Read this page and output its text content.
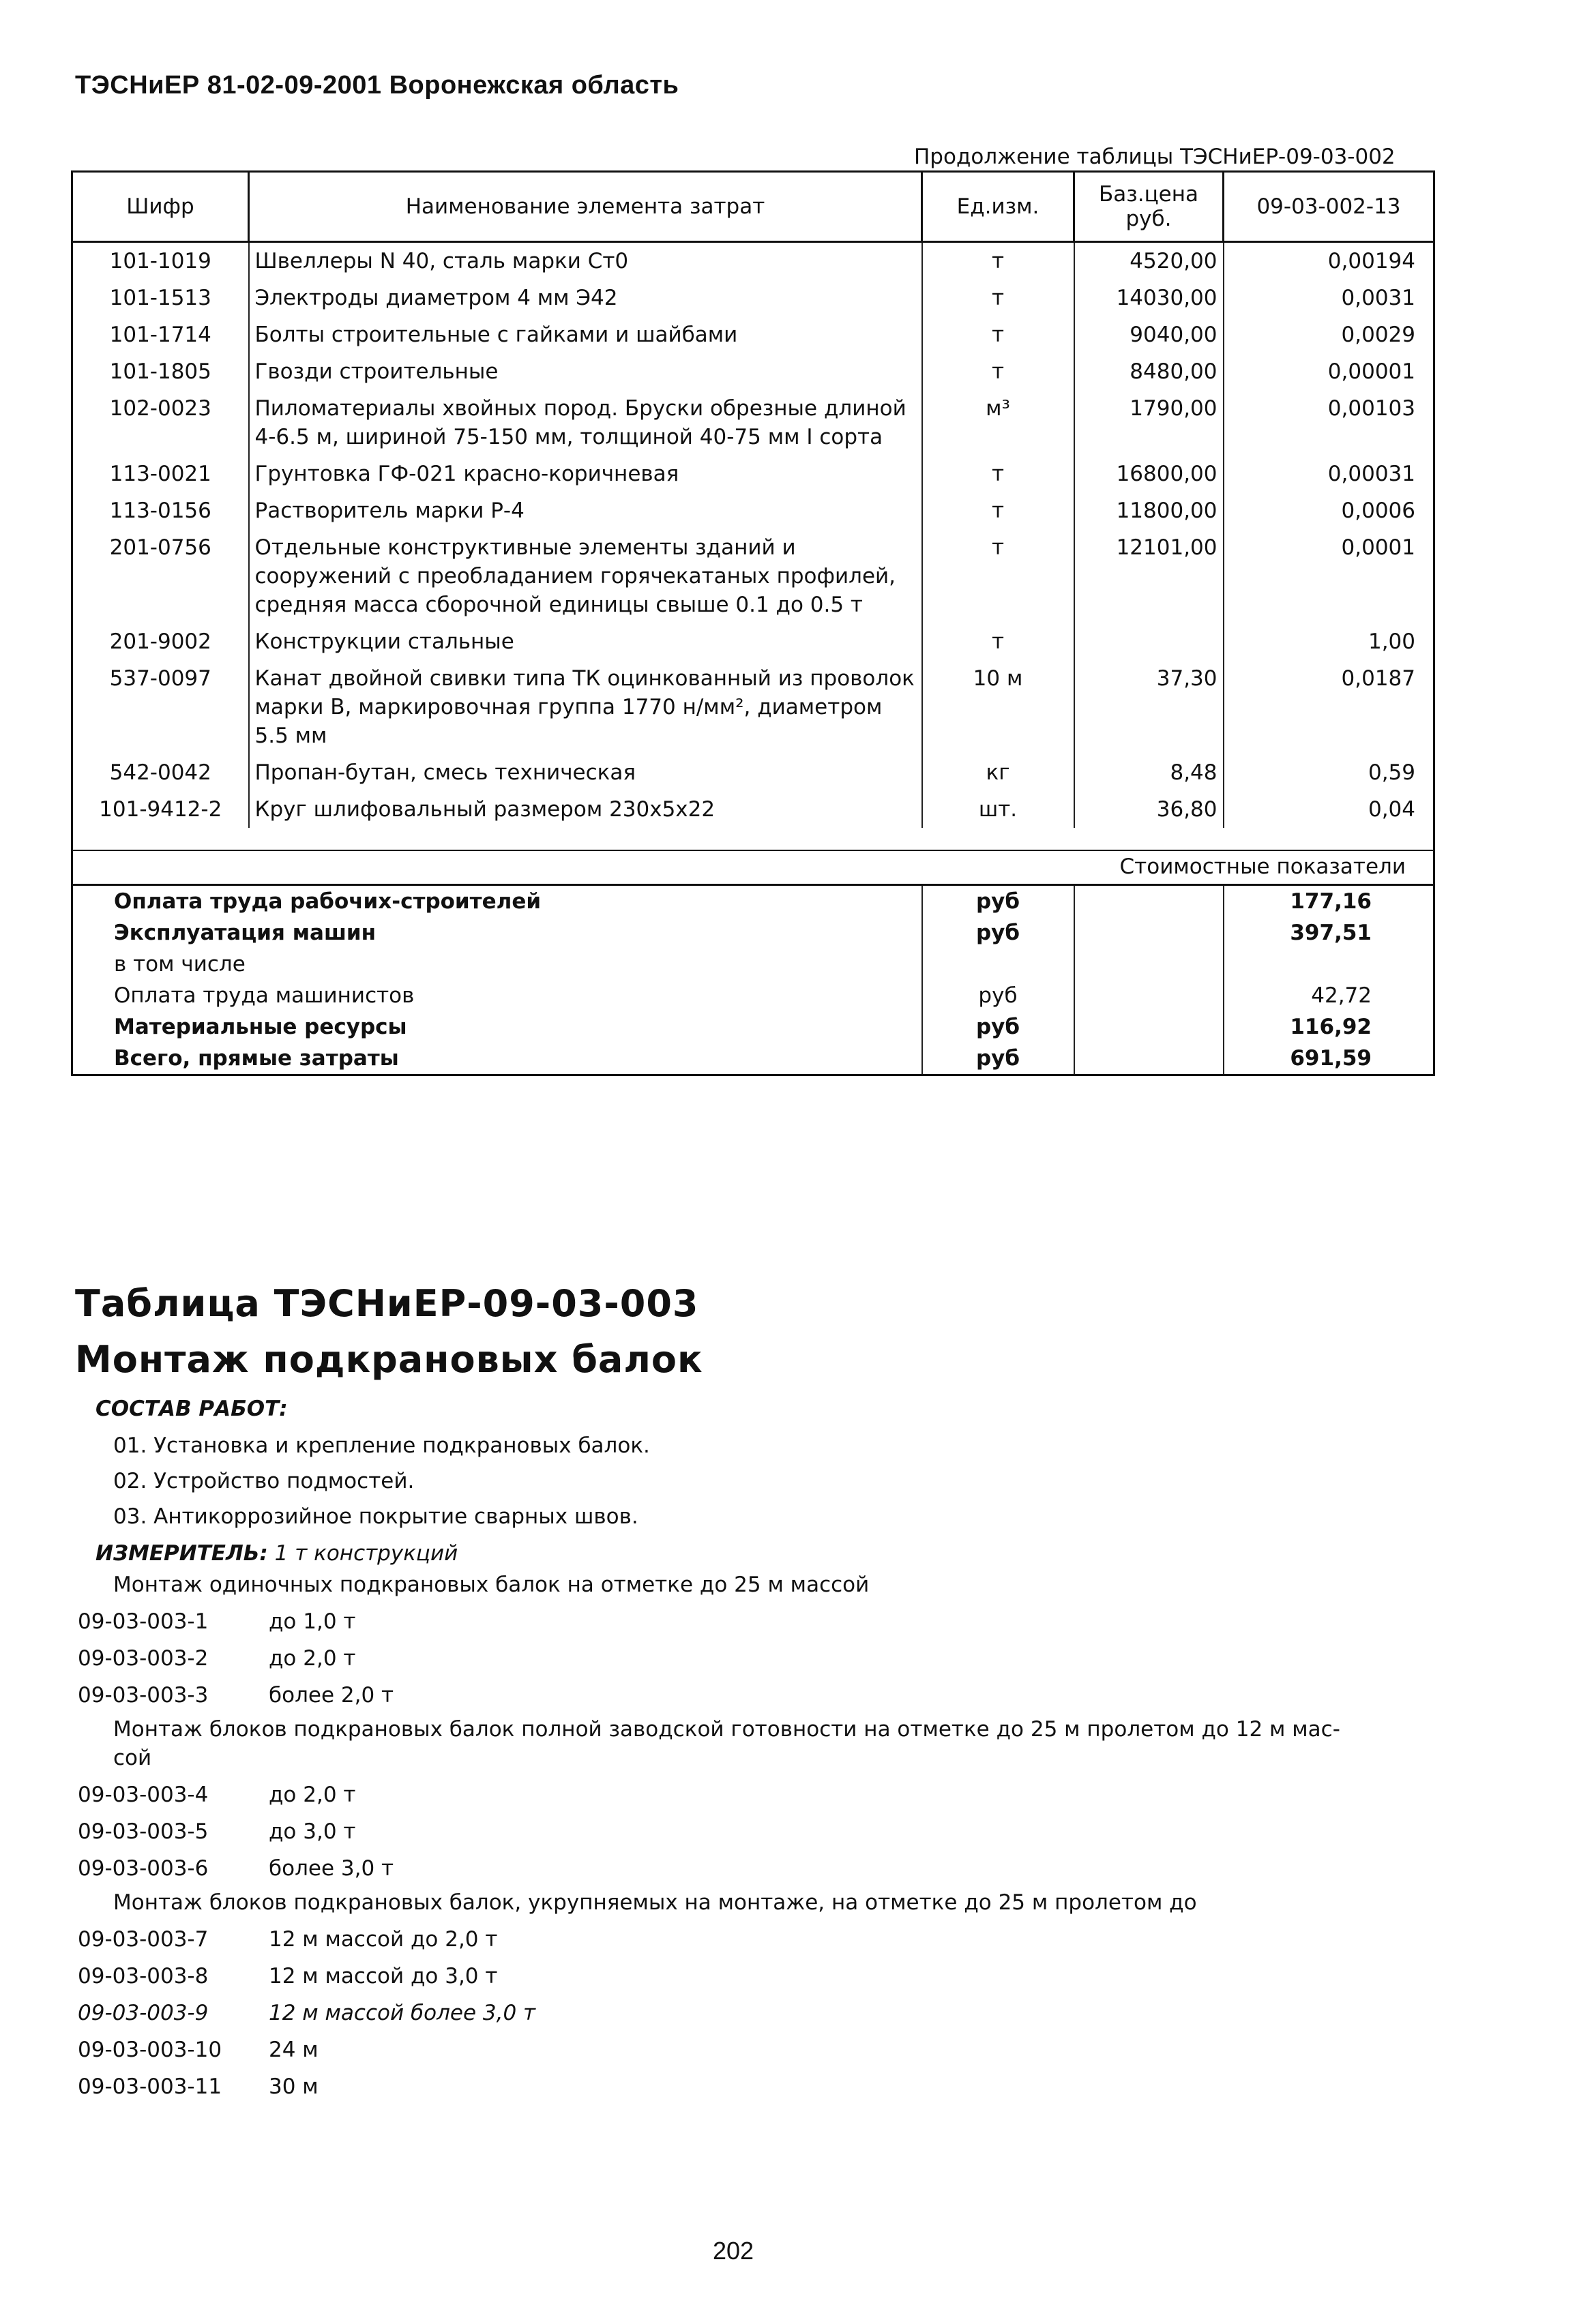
ТЭСНиЕР 81-02-09-2001 Воронежская область
Продолжение таблицы ТЭСНиЕР-09-03-002
Шифр	Наименование элемента затрат	Ед.изм.	Баз.цена руб.	09-03-002-13
101-1019	Швеллеры N 40, сталь марки Ст0	т	4520,00	0,00194
101-1513	Электроды диаметром 4 мм Э42	т	14030,00	0,0031
101-1714	Болты строительные с гайками и шайбами	т	9040,00	0,0029
101-1805	Гвозди строительные	т	8480,00	0,00001
102-0023	Пиломатериалы хвойных пород. Бруски обрезные длиной 4-6.5 м, шириной 75-150 мм, толщиной 40-75 мм I сорта	м³	1790,00	0,00103
113-0021	Грунтовка ГФ-021 красно-коричневая	т	16800,00	0,00031
113-0156	Растворитель марки Р-4	т	11800,00	0,0006
201-0756	Отдельные конструктивные элементы зданий и сооружений с преобладанием горячекатаных профилей, средняя масса сборочной единицы свыше 0.1 до 0.5 т	т	12101,00	0,0001
201-9002	Конструкции стальные	т		1,00
537-0097	Канат двойной свивки типа ТК оцинкованный из проволок марки В, маркировочная группа 1770 н/мм², диаметром 5.5 мм	10 м	37,30	0,0187
542-0042	Пропан-бутан, смесь техническая	кг	8,48	0,59
101-9412-2	Круг шлифовальный размером 230x5x22	шт.	36,80	0,04

Стоимостные показатели				
Оплата труда рабочих-строителей		руб		177,16
Эксплуатация машин		руб		397,51
в том числе				
Оплата труда машинистов		руб		42,72
Материальные ресурсы		руб		116,92
Всего, прямые затраты		руб		691,59
Таблица ТЭСНиЕР-09-03-003
Монтаж подкрановых балок
СОСТАВ РАБОТ:
01. Установка и крепление подкрановых балок.
02. Устройство подмостей.
03. Антикоррозийное покрытие сварных швов.
ИЗМЕРИТЕЛЬ: 1 т конструкций
Монтаж одиночных подкрановых балок на отметке до 25 м массой
09-03-003-1	до 1,0 т
09-03-003-2	до 2,0 т
09-03-003-3	более 2,0 т
Монтаж блоков подкрановых балок полной заводской готовности на отметке до 25 м пролетом до 12 м мас-
сой
09-03-003-4	до 2,0 т
09-03-003-5	до 3,0 т
09-03-003-6	более 3,0 т
Монтаж блоков подкрановых балок, укрупняемых на монтаже, на отметке до 25 м пролетом до
09-03-003-7	12 м массой до 2,0 т
09-03-003-8	12 м массой до 3,0 т
09-03-003-9	12 м массой более 3,0 т
09-03-003-10 24 м
09-03-003-11 30 м
202
